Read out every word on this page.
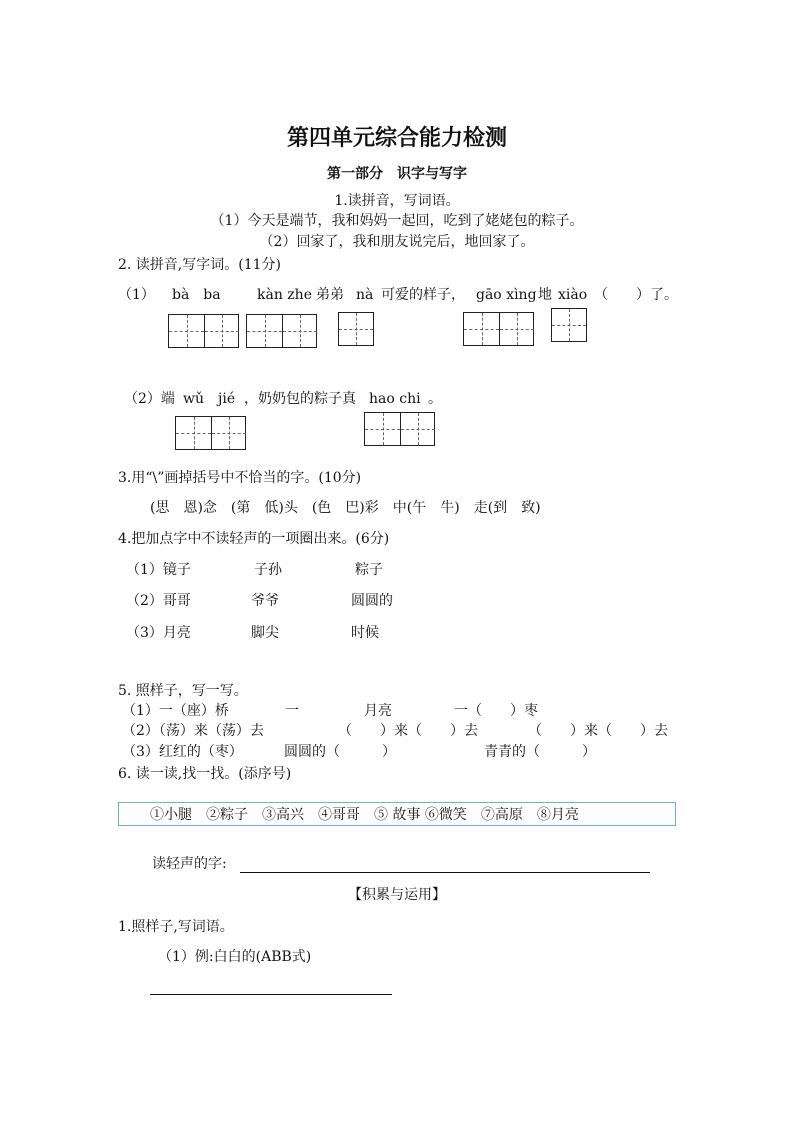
第四单元综合能力检测
第一部分　识字与写字
1.读拼音，写词语。
（1）今天是端节，我和妈妈一起回，吃到了姥姥包的粽子。
（2）回家了，我和朋友说完后，地回家了。
2. 读拼音,写字词。(11分)
（1） bà　ba	kàn zhe 弟弟 nà 可爱的样子， gāo xìng 地 xiào （　　）了。
（2）端 wǔ　jié ，奶奶包的粽子真 hao chi 。
3.用“\”画掉括号中不恰当的字。(10分)
(思　恩)念　(第　低)头　(色　巴)彩　中(午　牛)　走(到　致)
4.把加点字中不读轻声的一项圈出来。(6分)
（1）镜子	子孙	粽子
（2）哥哥	爷爷	圆圆的
（3）月亮	脚尖	时候
5. 照样子，写一写。
（1）一（座）桥	一	月亮	一（　　）枣
（2）（荡）来（荡）去	（　　）来（　　）去	（　　）来（　　）去
（3）红红的（枣）	圆圆的（　　　）	青青的（　　　）
6. 读一读,找一找。(添序号)
①小腿　②粽子　③高兴　④哥哥　⑤ 故事 ⑥微笑　⑦高原　⑧月亮
读轻声的字:
【积累与运用】
1.照样子,写词语。
（1）例:白白的(ABB式)
